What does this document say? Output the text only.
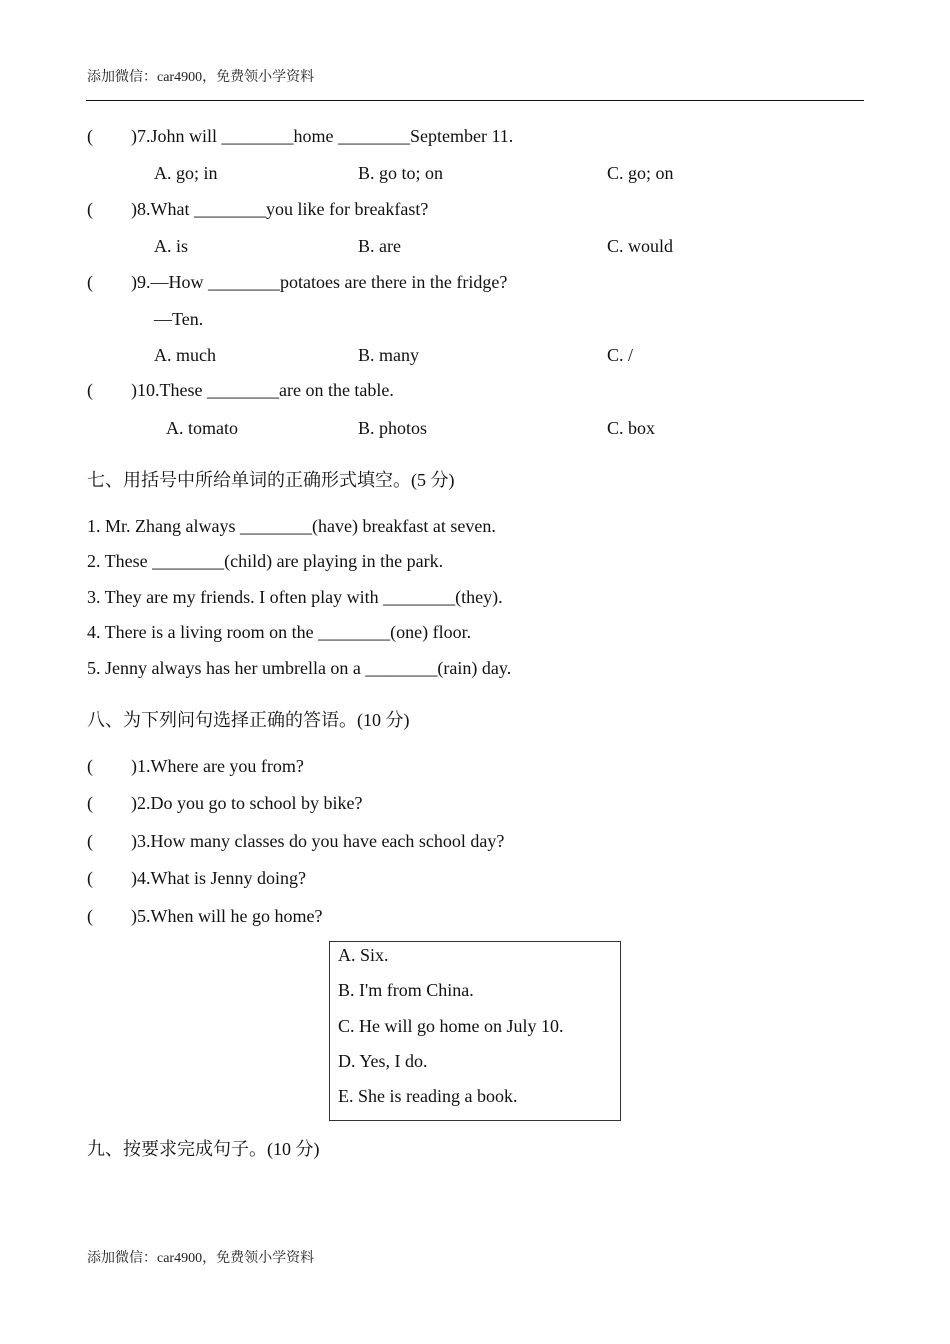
添加微信：car4900，免费领小学资料
( )7.John will ________home ________September 11.
A. go; in	B. go to; on	C. go; on
( )8.What ________you like for breakfast?
A. is	B. are	C. would
( )9.—How ________potatoes are there in the fridge?
—Ten.
A. much	B. many	C. /
( )10.These ________are on the table.
A. tomato	B. photos	C. box
七、用括号中所给单词的正确形式填空。(5 分)
1. Mr. Zhang always ________(have) breakfast at seven.
2. These ________(child) are playing in the park.
3. They are my friends. I often play with ________(they).
4. There is a living room on the ________(one) floor.
5. Jenny always has her umbrella on a ________(rain) day.
八、为下列问句选择正确的答语。(10 分)
( )1.Where are you from?
( )2.Do you go to school by bike?
( )3.How many classes do you have each school day?
( )4.What is Jenny doing?
( )5.When will he go home?
A. Six.
B. I'm from China.
C. He will go home on July 10.
D. Yes, I do.
E. She is reading a book.
九、按要求完成句子。(10 分)
添加微信：car4900，免费领小学资料
